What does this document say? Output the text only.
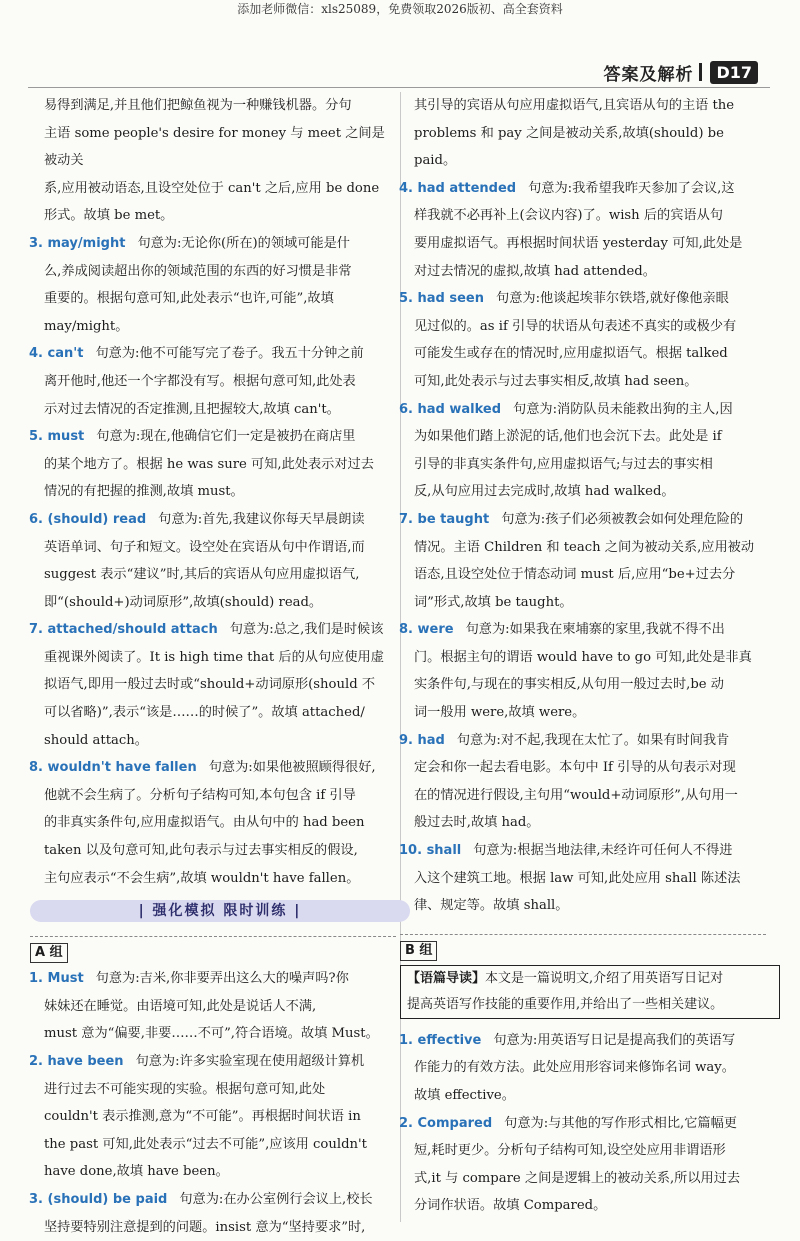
添加老师微信：xls25089，免费领取2026版初、高全套资料
答案及解析	D17
易得到满足,并且他们把鲸鱼视为一种赚钱机器。分句
主语 some people's desire for money 与 meet 之间是被动关
系,应用被动语态,且设空处位于 can't 之后,应用 be done
形式。故填 be met。
3. may/might 句意为:无论你(所在)的领域可能是什
么,养成阅读超出你的领域范围的东西的好习惯是非常
重要的。根据句意可知,此处表示“也许,可能”,故填
may/might。
4. can't 句意为:他不可能写完了卷子。我五十分钟之前
离开他时,他还一个字都没有写。根据句意可知,此处表
示对过去情况的否定推测,且把握较大,故填 can't。
5. must 句意为:现在,他确信它们一定是被扔在商店里
的某个地方了。根据 he was sure 可知,此处表示对过去
情况的有把握的推测,故填 must。
6. (should) read 句意为:首先,我建议你每天早晨朗读
英语单词、句子和短文。设空处在宾语从句中作谓语,而
suggest 表示“建议”时,其后的宾语从句应用虚拟语气,
即“(should+)动词原形”,故填(should) read。
7. attached/should attach 句意为:总之,我们是时候该
重视课外阅读了。It is high time that 后的从句应使用虚
拟语气,即用一般过去时或“should+动词原形(should 不
可以省略)”,表示“该是……的时候了”。故填 attached/
should attach。
8. wouldn't have fallen 句意为:如果他被照顾得很好,
他就不会生病了。分析句子结构可知,本句包含 if 引导
的非真实条件句,应用虚拟语气。由从句中的 had been
taken 以及句意可知,此句表示与过去事实相反的假设,
主句应表示“不会生病”,故填 wouldn't have fallen。
| 强化模拟 限时训练 |
A 组
1. Must 句意为:吉米,你非要弄出这么大的噪声吗?你
妹妹还在睡觉。由语境可知,此处是说话人不满,
must 意为“偏要,非要……不可”,符合语境。故填 Must。
2. have been 句意为:许多实验室现在使用超级计算机
进行过去不可能实现的实验。根据句意可知,此处
couldn't 表示推测,意为“不可能”。再根据时间状语 in
the past 可知,此处表示“过去不可能”,应该用 couldn't
have done,故填 have been。
3. (should) be paid 句意为:在办公室例行会议上,校长
坚持要特别注意提到的问题。insist 意为“坚持要求”时,
其引导的宾语从句应用虚拟语气,且宾语从句的主语 the
problems 和 pay 之间是被动关系,故填(should) be paid。
4. had attended 句意为:我希望我昨天参加了会议,这
样我就不必再补上(会议内容)了。wish 后的宾语从句
要用虚拟语气。再根据时间状语 yesterday 可知,此处是
对过去情况的虚拟,故填 had attended。
5. had seen 句意为:他谈起埃菲尔铁塔,就好像他亲眼
见过似的。as if 引导的状语从句表述不真实的或极少有
可能发生或存在的情况时,应用虚拟语气。根据 talked
可知,此处表示与过去事实相反,故填 had seen。
6. had walked 句意为:消防队员未能救出狗的主人,因
为如果他们踏上淤泥的话,他们也会沉下去。此处是 if
引导的非真实条件句,应用虚拟语气;与过去的事实相
反,从句应用过去完成时,故填 had walked。
7. be taught 句意为:孩子们必须被教会如何处理危险的
情况。主语 Children 和 teach 之间为被动关系,应用被动
语态,且设空处位于情态动词 must 后,应用“be+过去分
词”形式,故填 be taught。
8. were 句意为:如果我在柬埔寨的家里,我就不得不出
门。根据主句的谓语 would have to go 可知,此处是非真
实条件句,与现在的事实相反,从句用一般过去时,be 动
词一般用 were,故填 were。
9. had 句意为:对不起,我现在太忙了。如果有时间我肯
定会和你一起去看电影。本句中 If 引导的从句表示对现
在的情况进行假设,主句用“would+动词原形”,从句用一
般过去时,故填 had。
10. shall 句意为:根据当地法律,未经许可任何人不得进
入这个建筑工地。根据 law 可知,此处应用 shall 陈述法
律、规定等。故填 shall。
B 组
【语篇导读】本文是一篇说明文,介绍了用英语写日记对
提高英语写作技能的重要作用,并给出了一些相关建议。
1. effective 句意为:用英语写日记是提高我们的英语写
作能力的有效方法。此处应用形容词来修饰名词 way。
故填 effective。
2. Compared 句意为:与其他的写作形式相比,它篇幅更
短,耗时更少。分析句子结构可知,设空处应用非谓语形
式,it 与 compare 之间是逻辑上的被动关系,所以用过去
分词作状语。故填 Compared。
